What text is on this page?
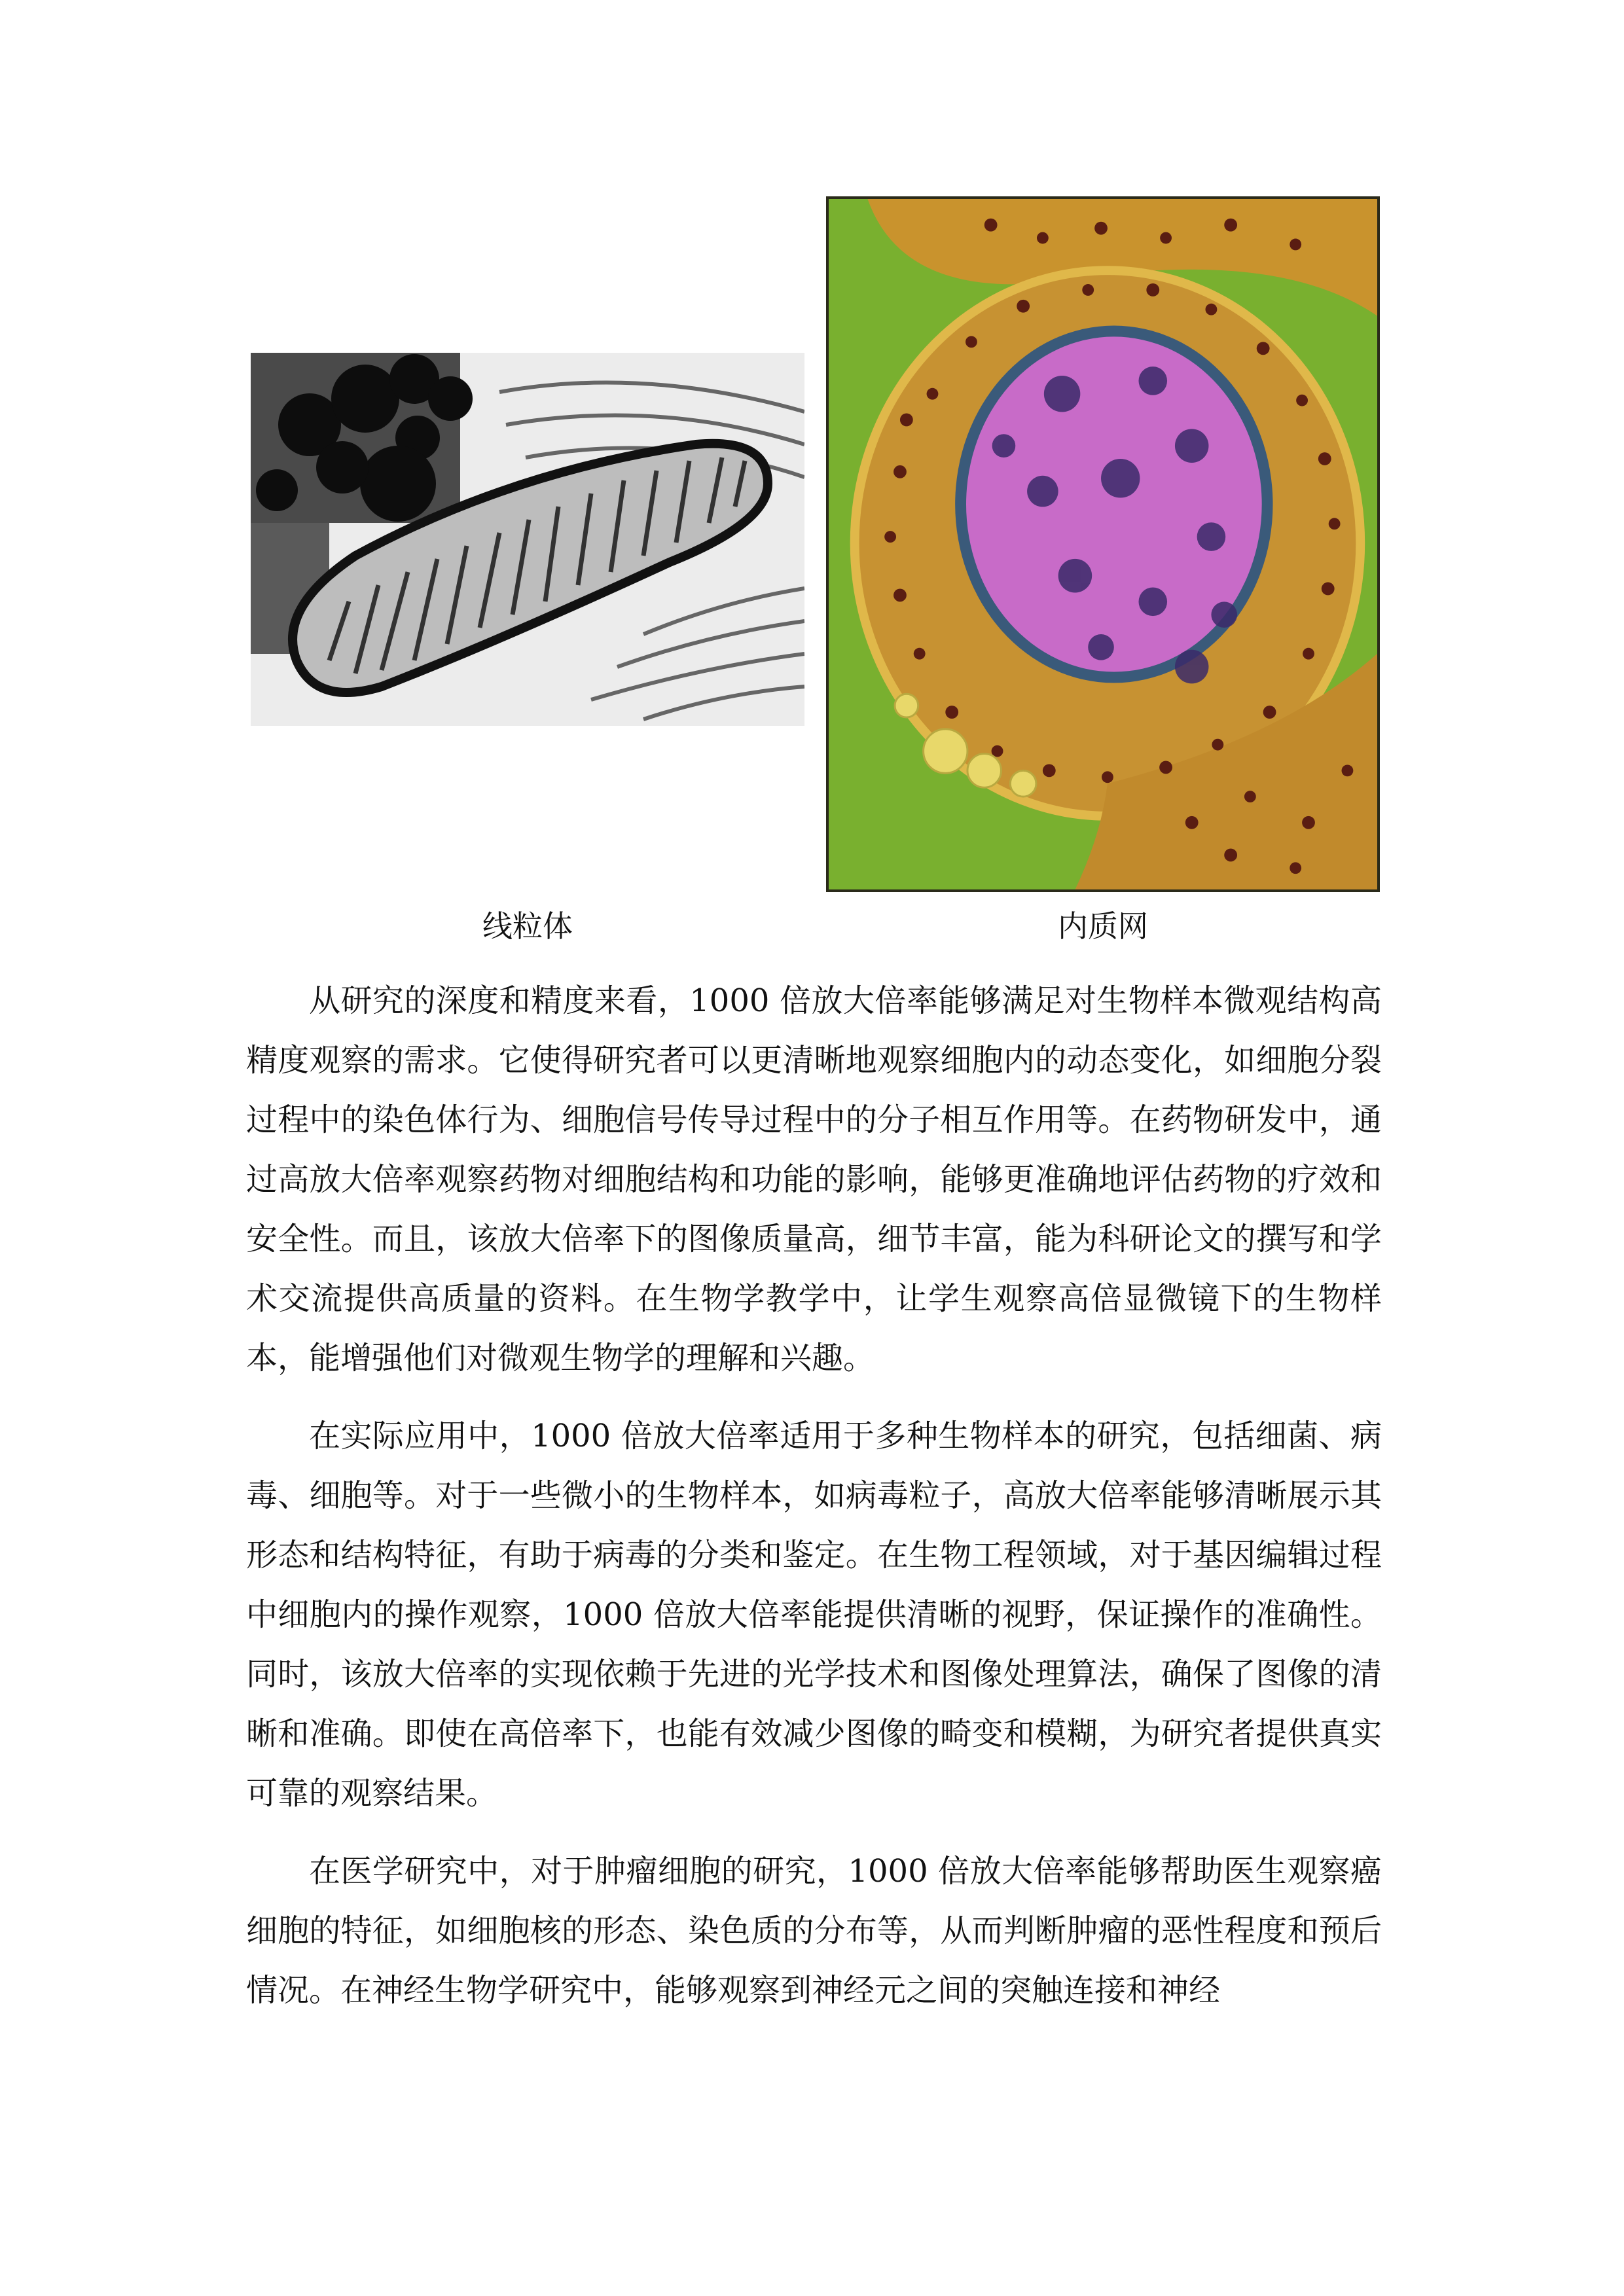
线粒体	内质网

从研究的深度和精度来看，1000 倍放大倍率能够满足对生物样本微观结构高精度观察的需求。它使得研究者可以更清晰地观察细胞内的动态变化，如细胞分裂过程中的染色体行为、细胞信号传导过程中的分子相互作用等。在药物研发中，通过高放大倍率观察药物对细胞结构和功能的影响，能够更准确地评估药物的疗效和安全性。而且，该放大倍率下的图像质量高，细节丰富，能为科研论文的撰写和学术交流提供高质量的资料。在生物学教学中，让学生观察高倍显微镜下的生物样本，能增强他们对微观生物学的理解和兴趣。

在实际应用中，1000 倍放大倍率适用于多种生物样本的研究，包括细菌、病毒、细胞等。对于一些微小的生物样本，如病毒粒子，高放大倍率能够清晰展示其形态和结构特征，有助于病毒的分类和鉴定。在生物工程领域，对于基因编辑过程中细胞内的操作观察，1000 倍放大倍率能提供清晰的视野，保证操作的准确性。同时，该放大倍率的实现依赖于先进的光学技术和图像处理算法，确保了图像的清晰和准确。即使在高倍率下，也能有效减少图像的畸变和模糊，为研究者提供真实可靠的观察结果。

在医学研究中，对于肿瘤细胞的研究，1000 倍放大倍率能够帮助医生观察癌细胞的特征，如细胞核的形态、染色质的分布等，从而判断肿瘤的恶性程度和预后情况。在神经生物学研究中，能够观察到神经元之间的突触连接和神经
